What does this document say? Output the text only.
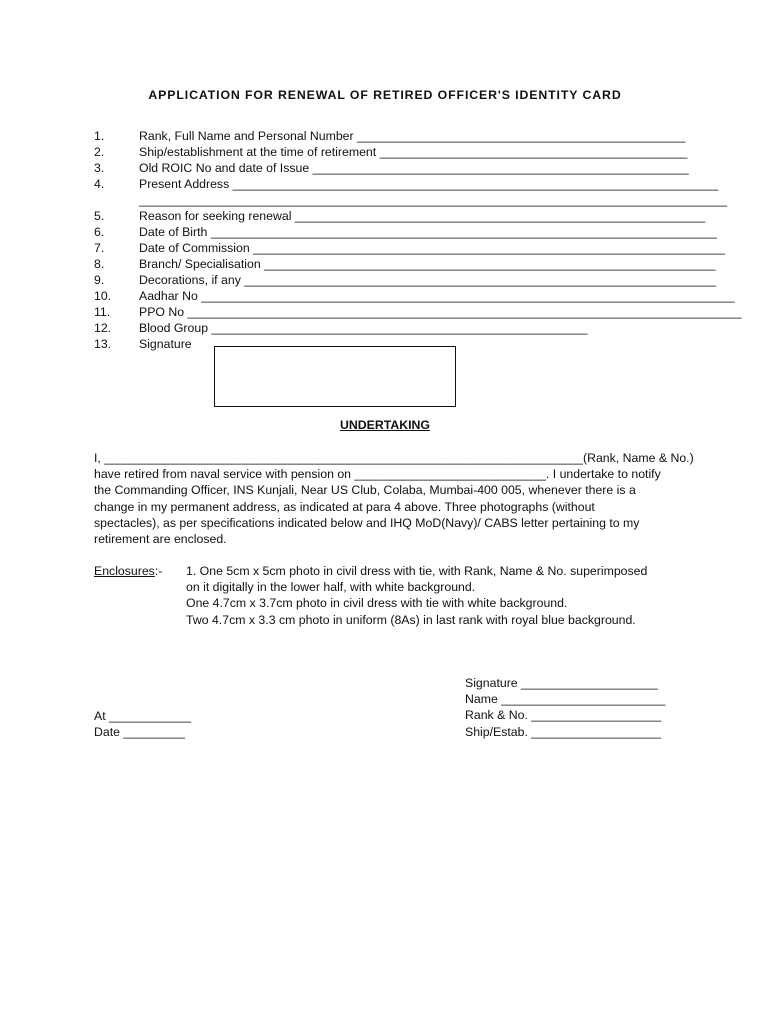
APPLICATION FOR RENEWAL OF RETIRED OFFICER'S IDENTITY CARD
1.	Rank, Full Name and Personal Number ________________________________________________
2.	Ship/establishment at the time of retirement _____________________________________________
3.	Old ROIC No and date of Issue _______________________________________________________
4.	Present Address _______________________________________________________________________
______________________________________________________________________________________
5.	Reason for seeking renewal ____________________________________________________________
6.	Date of Birth __________________________________________________________________________
7.	Date of Commission _____________________________________________________________________
8.	Branch/ Specialisation __________________________________________________________________
9.	Decorations, if any _____________________________________________________________________
10.	Aadhar No ______________________________________________________________________________
11.	PPO No _________________________________________________________________________________
12.	Blood Group _______________________________________________________
13.	Signature
UNDERTAKING
I, ______________________________________________________________________(Rank, Name & No.)
have retired from naval service with pension on ____________________________. I undertake to notify
the Commanding Officer, INS Kunjali, Near US Club, Colaba, Mumbai-400 005, whenever there is a
change in my permanent address, as indicated at para 4 above. Three photographs (without
spectacles), as per specifications indicated below and IHQ MoD(Navy)/ CABS letter pertaining to my
retirement are enclosed.
Enclosures:- 1. One 5cm x 5cm photo in civil dress with tie, with Rank, Name & No. superimposed
on it digitally in the lower half, with white background.
One 4.7cm x 3.7cm photo in civil dress with tie with white background.
Two 4.7cm x 3.3 cm photo in uniform (8As) in last rank with royal blue background.
Signature ____________________
Name ________________________
Rank & No. ___________________
Ship/Estab. ___________________
At ____________
Date _________
